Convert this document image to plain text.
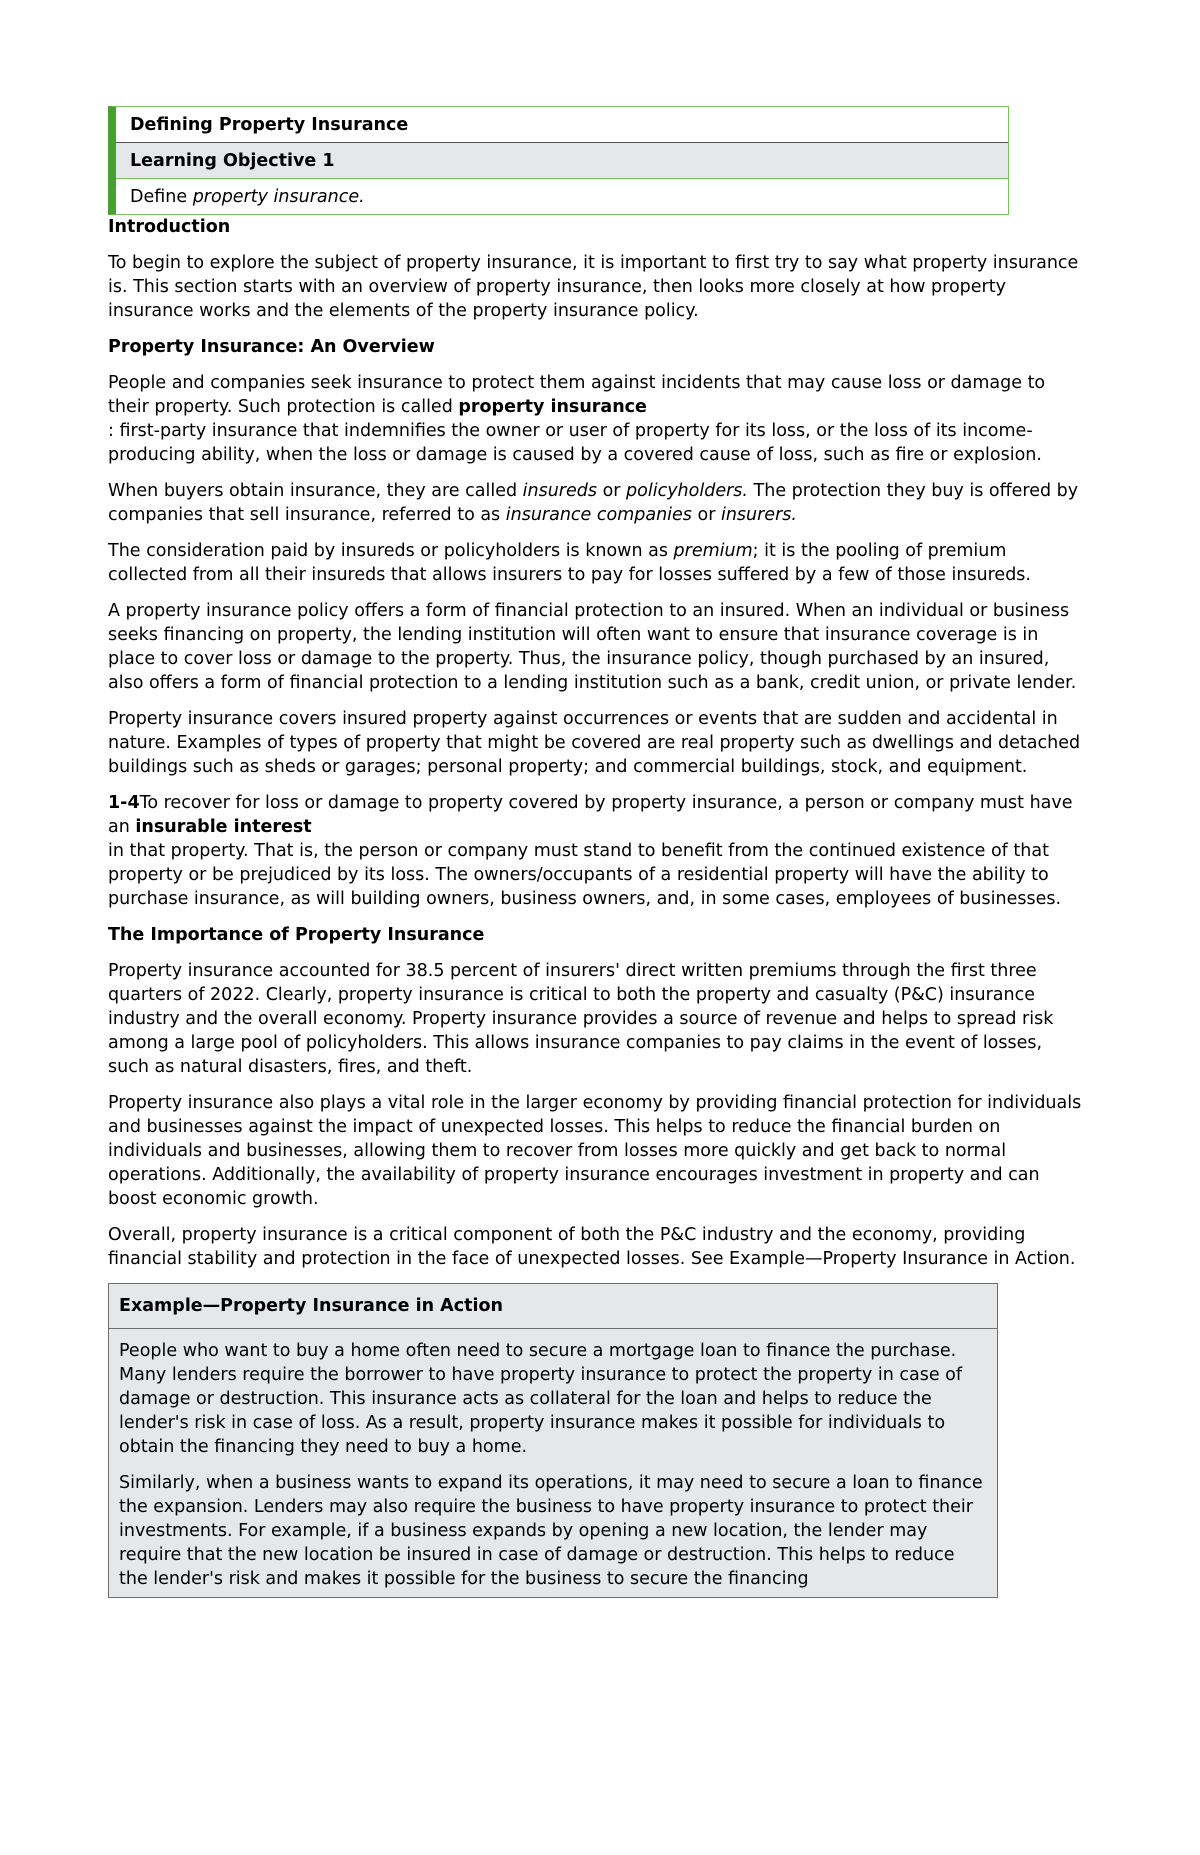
Defining Property Insurance
Learning Objective 1
Define property insurance.
Introduction

To begin to explore the subject of property insurance, it is important to first try to say what property insurance is. This section starts with an overview of property insurance, then looks more closely at how property insurance works and the elements of the property insurance policy.

Property Insurance: An Overview

People and companies seek insurance to protect them against incidents that may cause loss or damage to their property. Such protection is called property insurance
: first-party insurance that indemnifies the owner or user of property for its loss, or the loss of its income-producing ability, when the loss or damage is caused by a covered cause of loss, such as fire or explosion.

When buyers obtain insurance, they are called insureds or policyholders. The protection they buy is offered by companies that sell insurance, referred to as insurance companies or insurers.

The consideration paid by insureds or policyholders is known as premium; it is the pooling of premium collected from all their insureds that allows insurers to pay for losses suffered by a few of those insureds.

A property insurance policy offers a form of financial protection to an insured. When an individual or business seeks financing on property, the lending institution will often want to ensure that insurance coverage is in place to cover loss or damage to the property. Thus, the insurance policy, though purchased by an insured, also offers a form of financial protection to a lending institution such as a bank, credit union, or private lender.

Property insurance covers insured property against occurrences or events that are sudden and accidental in nature. Examples of types of property that might be covered are real property such as dwellings and detached buildings such as sheds or garages; personal property; and commercial buildings, stock, and equipment.

1-4To recover for loss or damage to property covered by property insurance, a person or company must have an insurable interest
in that property. That is, the person or company must stand to benefit from the continued existence of that property or be prejudiced by its loss. The owners/occupants of a residential property will have the ability to purchase insurance, as will building owners, business owners, and, in some cases, employees of businesses.

The Importance of Property Insurance

Property insurance accounted for 38.5 percent of insurers' direct written premiums through the first three quarters of 2022. Clearly, property insurance is critical to both the property and casualty (P&C) insurance industry and the overall economy. Property insurance provides a source of revenue and helps to spread risk among a large pool of policyholders. This allows insurance companies to pay claims in the event of losses, such as natural disasters, fires, and theft.

Property insurance also plays a vital role in the larger economy by providing financial protection for individuals and businesses against the impact of unexpected losses. This helps to reduce the financial burden on individuals and businesses, allowing them to recover from losses more quickly and get back to normal operations. Additionally, the availability of property insurance encourages investment in property and can boost economic growth.

Overall, property insurance is a critical component of both the P&C industry and the economy, providing financial stability and protection in the face of unexpected losses. See Example—Property Insurance in Action.

Example—Property Insurance in Action

People who want to buy a home often need to secure a mortgage loan to finance the purchase. Many lenders require the borrower to have property insurance to protect the property in case of damage or destruction. This insurance acts as collateral for the loan and helps to reduce the lender's risk in case of loss. As a result, property insurance makes it possible for individuals to obtain the financing they need to buy a home.

Similarly, when a business wants to expand its operations, it may need to secure a loan to finance the expansion. Lenders may also require the business to have property insurance to protect their investments. For example, if a business expands by opening a new location, the lender may require that the new location be insured in case of damage or destruction. This helps to reduce the lender's risk and makes it possible for the business to secure the financing
